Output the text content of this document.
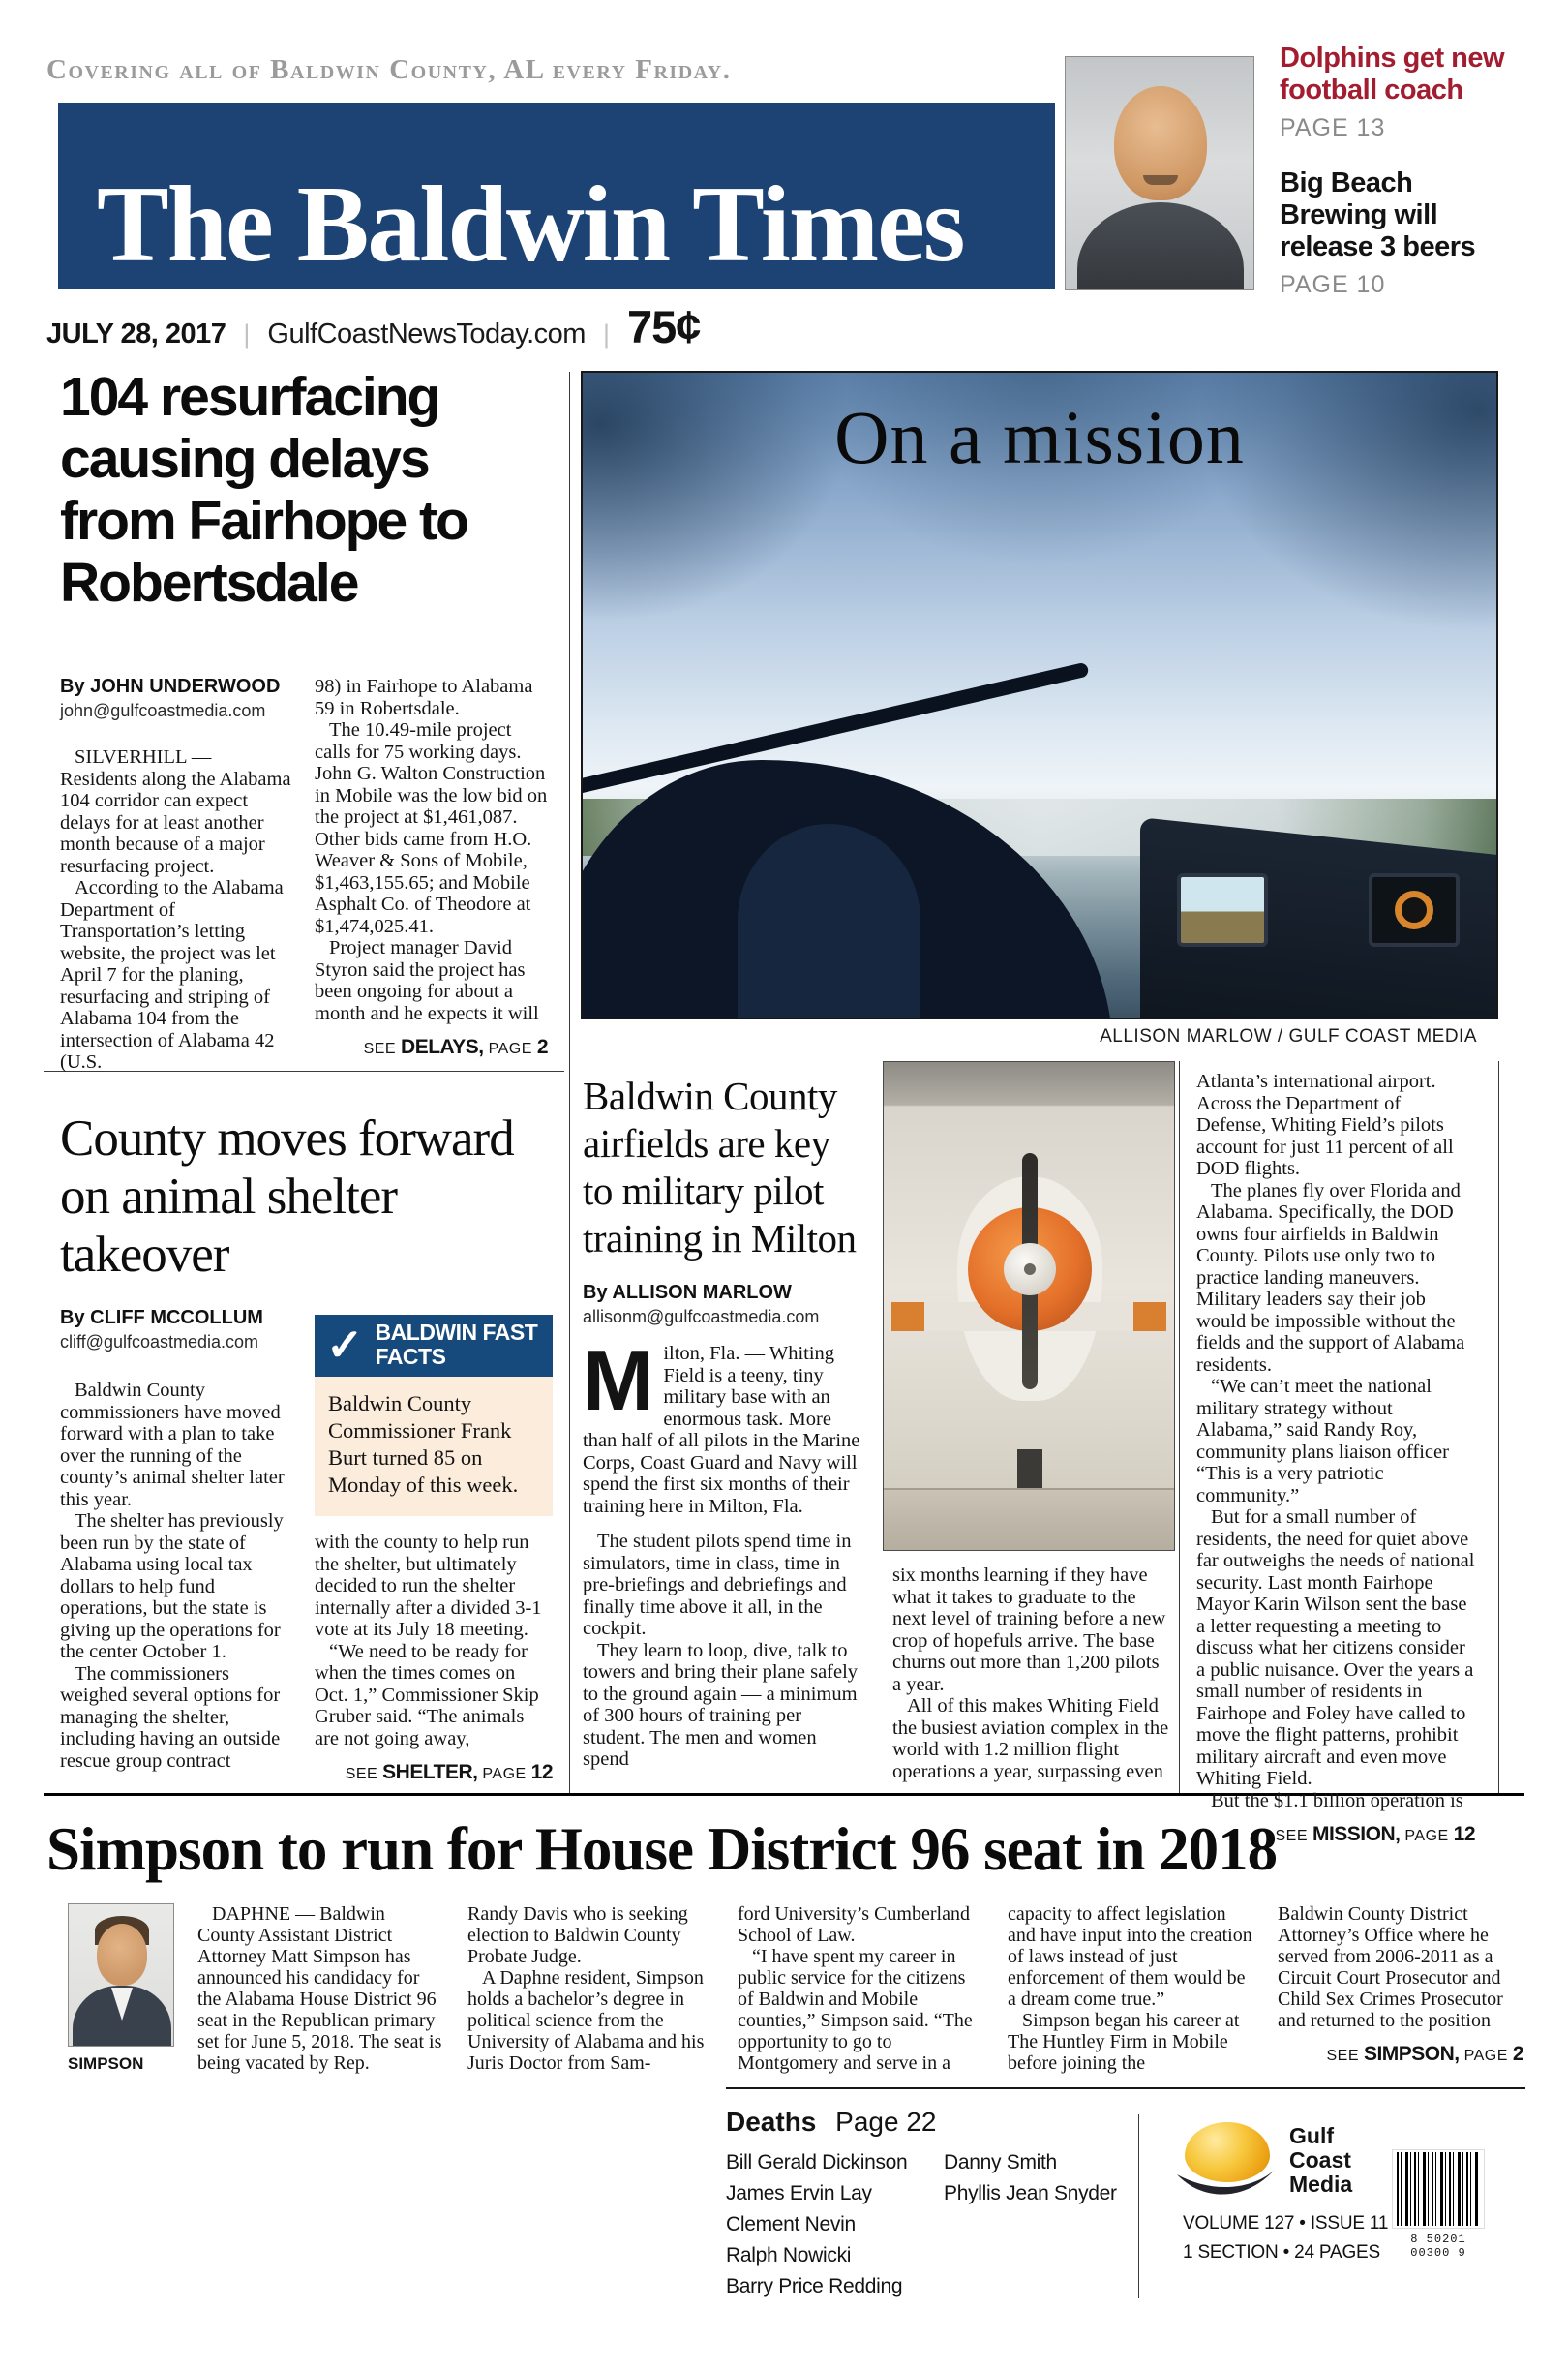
Covering all of Baldwin County, AL every Friday.
The Baldwin Times
Dolphins get new football coach
PAGE 13
Big Beach Brewing will release 3 beers
PAGE 10
JULY 28, 2017 | GulfCoastNewsToday.com | 75¢
104 resurfacing causing delays from Fairhope to Robertsdale
By JOHN UNDERWOOD
john@gulfcoastmedia.com

SILVERHILL — Residents along the Alabama 104 corridor can expect delays for at least another month because of a major resurfacing project.

According to the Alabama Department of Transportation’s letting website, the project was let April 7 for the planing, resurfacing and striping of Alabama 104 from the intersection of Alabama 42 (U.S.

98) in Fairhope to Alabama 59 in Robertsdale.

The 10.49-mile project calls for 75 working days. John G. Walton Construction in Mobile was the low bid on the project at $1,461,087. Other bids came from H.O. Weaver & Sons of Mobile, $1,463,155.65; and Mobile Asphalt Co. of Theodore at $1,474,025.41.

Project manager David Styron said the project has been ongoing for about a month and he expects it will

SEE DELAYS, PAGE 2
On a mission
ALLISON MARLOW / GULF COAST MEDIA
County moves forward on animal shelter takeover
By CLIFF MCCOLLUM
cliff@gulfcoastmedia.com

Baldwin County commissioners have moved forward with a plan to take over the running of the county’s animal shelter later this year.

The shelter has previously been run by the state of Alabama using local tax dollars to help fund operations, but the state is giving up the operations for the center October 1.

The commissioners weighed several options for managing the shelter, including having an outside rescue group contract

✓ BALDWIN FAST FACTS
Baldwin County Commissioner Frank Burt turned 85 on Monday of this week.

with the county to help run the shelter, but ultimately decided to run the shelter internally after a divided 3-1 vote at its July 18 meeting.

“We need to be ready for when the times comes on Oct. 1,” Commissioner Skip Gruber said. “The animals are not going away,

SEE SHELTER, PAGE 12
Baldwin County airfields are key to military pilot training in Milton
By ALLISON MARLOW
allisonm@gulfcoastmedia.com

Milton, Fla. — Whiting Field is a teeny, tiny military base with an enormous task. More than half of all pilots in the Marine Corps, Coast Guard and Navy will spend the first six months of their training here in Milton, Fla.

The student pilots spend time in simulators, time in class, time in pre-briefings and debriefings and finally time above it all, in the cockpit.

They learn to loop, dive, talk to towers and bring their plane safely to the ground again — a minimum of 300 hours of training per student. The men and women spend

six months learning if they have what it takes to graduate to the next level of training before a new crop of hopefuls arrive. The base churns out more than 1,200 pilots a year.

All of this makes Whiting Field the busiest aviation complex in the world with 1.2 million flight operations a year, surpassing even

Atlanta’s international airport. Across the Department of Defense, Whiting Field’s pilots account for just 11 percent of all DOD flights.

The planes fly over Florida and Alabama. Specifically, the DOD owns four airfields in Baldwin County. Pilots use only two to practice landing maneuvers. Military leaders say their job would be impossible without the fields and the support of Alabama residents.

“We can’t meet the national military strategy without Alabama,” said Randy Roy, community plans liaison officer “This is a very patriotic community.”

But for a small number of residents, the need for quiet above far outweighs the needs of national security. Last month Fairhope Mayor Karin Wilson sent the base a letter requesting a meeting to discuss what her citizens consider a public nuisance. Over the years a small number of residents in Fairhope and Foley have called to move the flight patterns, prohibit military aircraft and even move Whiting Field.

But the $1.1 billion operation is

SEE MISSION, PAGE 12
Simpson to run for House District 96 seat in 2018
SIMPSON

DAPHNE — Baldwin County Assistant District Attorney Matt Simpson has announced his candidacy for the Alabama House District 96 seat in the Republican primary set for June 5, 2018. The seat is being vacated by Rep.

Randy Davis who is seeking election to Baldwin County Probate Judge.

A Daphne resident, Simpson holds a bachelor’s degree in political science from the University of Alabama and his Juris Doctor from Sam-

ford University’s Cumberland School of Law.

“I have spent my career in public service for the citizens of Baldwin and Mobile counties,” Simpson said. “The opportunity to go to Montgomery and serve in a

capacity to affect legislation and have input into the creation of laws instead of just enforcement of them would be a dream come true.”

Simpson began his career at The Huntley Firm in Mobile before joining the

Baldwin County District Attorney’s Office where he served from 2006-2011 as a Circuit Court Prosecutor and Child Sex Crimes Prosecutor and returned to the position

SEE SIMPSON, PAGE 2
Deaths Page 22

Bill Gerald Dickinson

James Ervin Lay

Clement Nevin

Ralph Nowicki

Barry Price Redding

Danny Smith

Phyllis Jean Snyder

Gulf
Coast
Media
VOLUME 127 • ISSUE 11
1 SECTION • 24 PAGES
8 50201 00300 9
